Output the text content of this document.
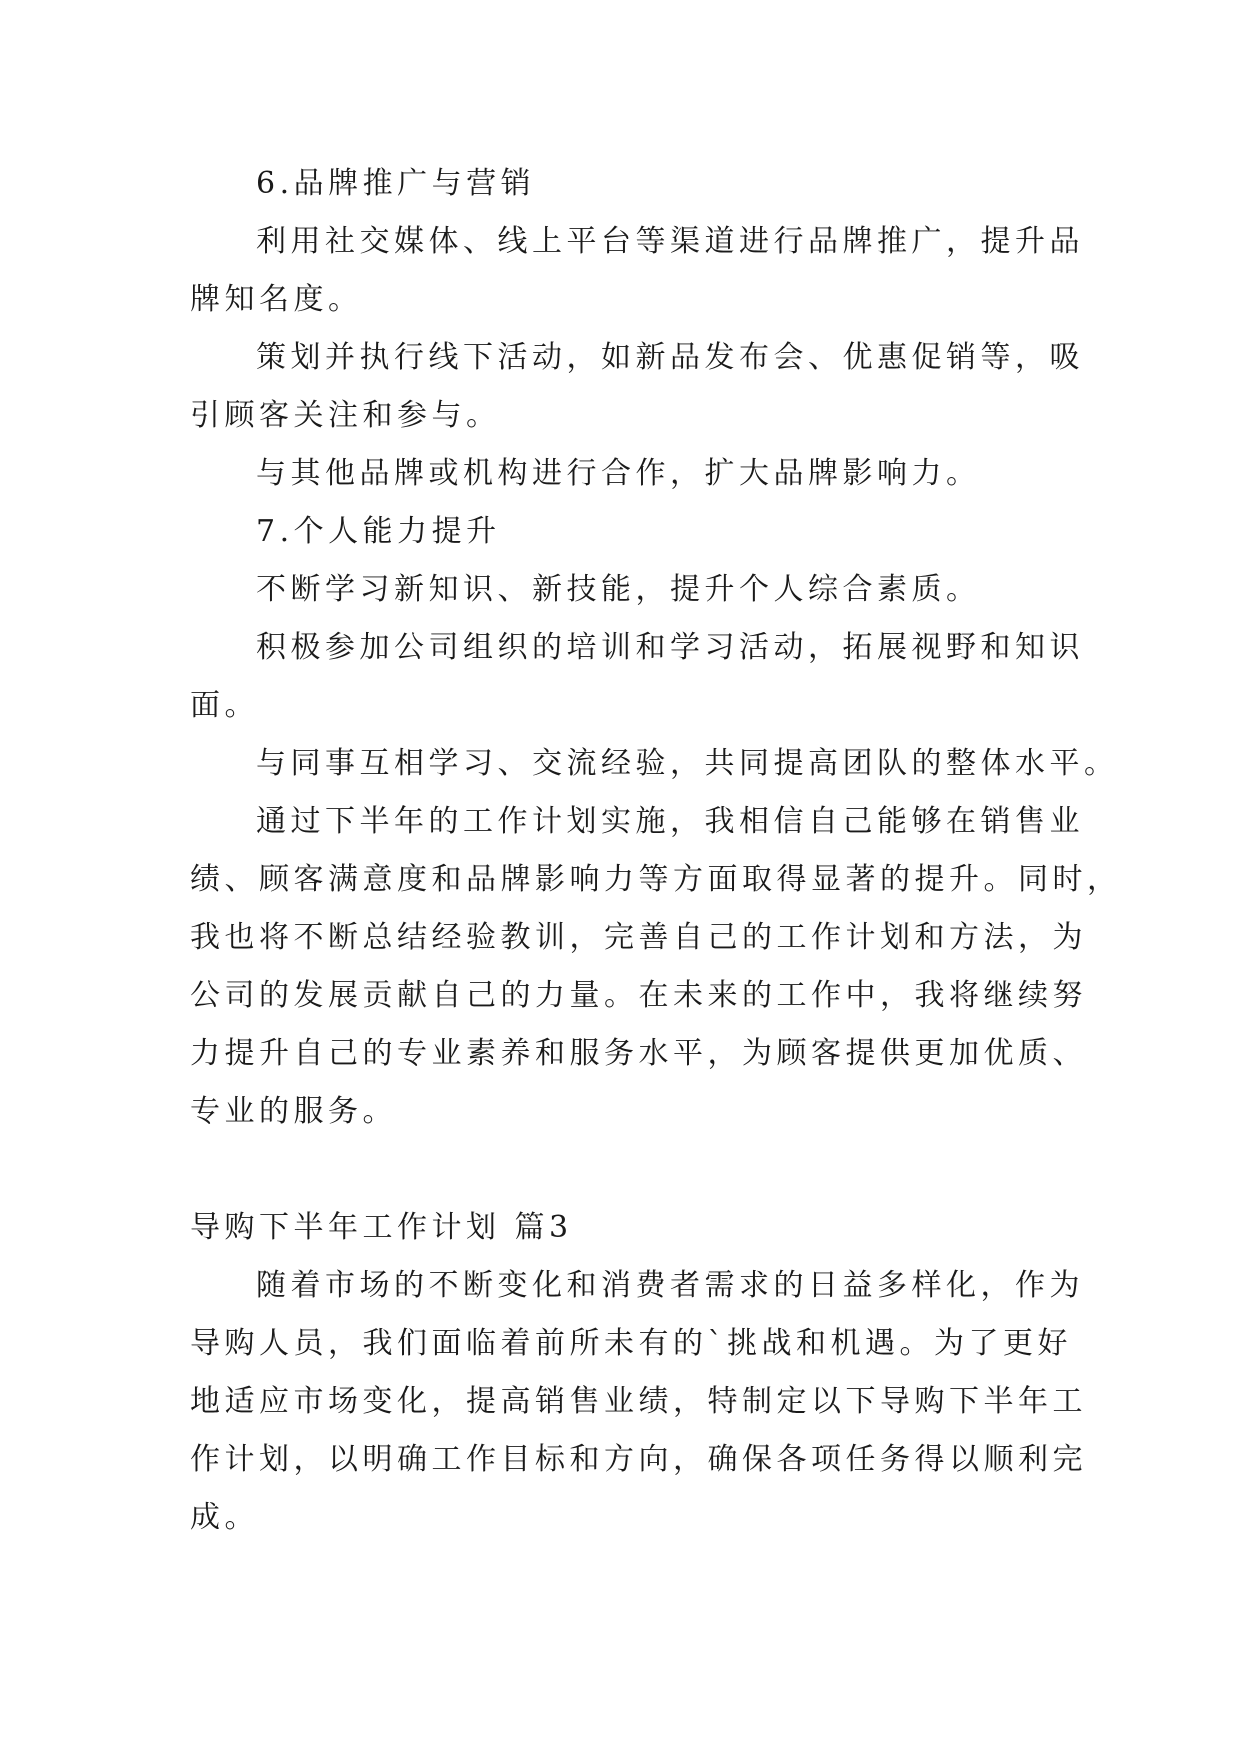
6.品牌推广与营销
利用社交媒体、线上平台等渠道进行品牌推广，提升品
牌知名度。
策划并执行线下活动，如新品发布会、优惠促销等，吸
引顾客关注和参与。
与其他品牌或机构进行合作，扩大品牌影响力。
7.个人能力提升
不断学习新知识、新技能，提升个人综合素质。
积极参加公司组织的培训和学习活动，拓展视野和知识
面。
与同事互相学习、交流经验，共同提高团队的整体水平。
通过下半年的工作计划实施，我相信自己能够在销售业
绩、顾客满意度和品牌影响力等方面取得显著的提升。同时，
我也将不断总结经验教训，完善自己的工作计划和方法，为
公司的发展贡献自己的力量。在未来的工作中，我将继续努
力提升自己的专业素养和服务水平，为顾客提供更加优质、
专业的服务。
导购下半年工作计划 篇3
随着市场的不断变化和消费者需求的日益多样化，作为
导购人员，我们面临着前所未有的`挑战和机遇。为了更好
地适应市场变化，提高销售业绩，特制定以下导购下半年工
作计划，以明确工作目标和方向，确保各项任务得以顺利完
成。
